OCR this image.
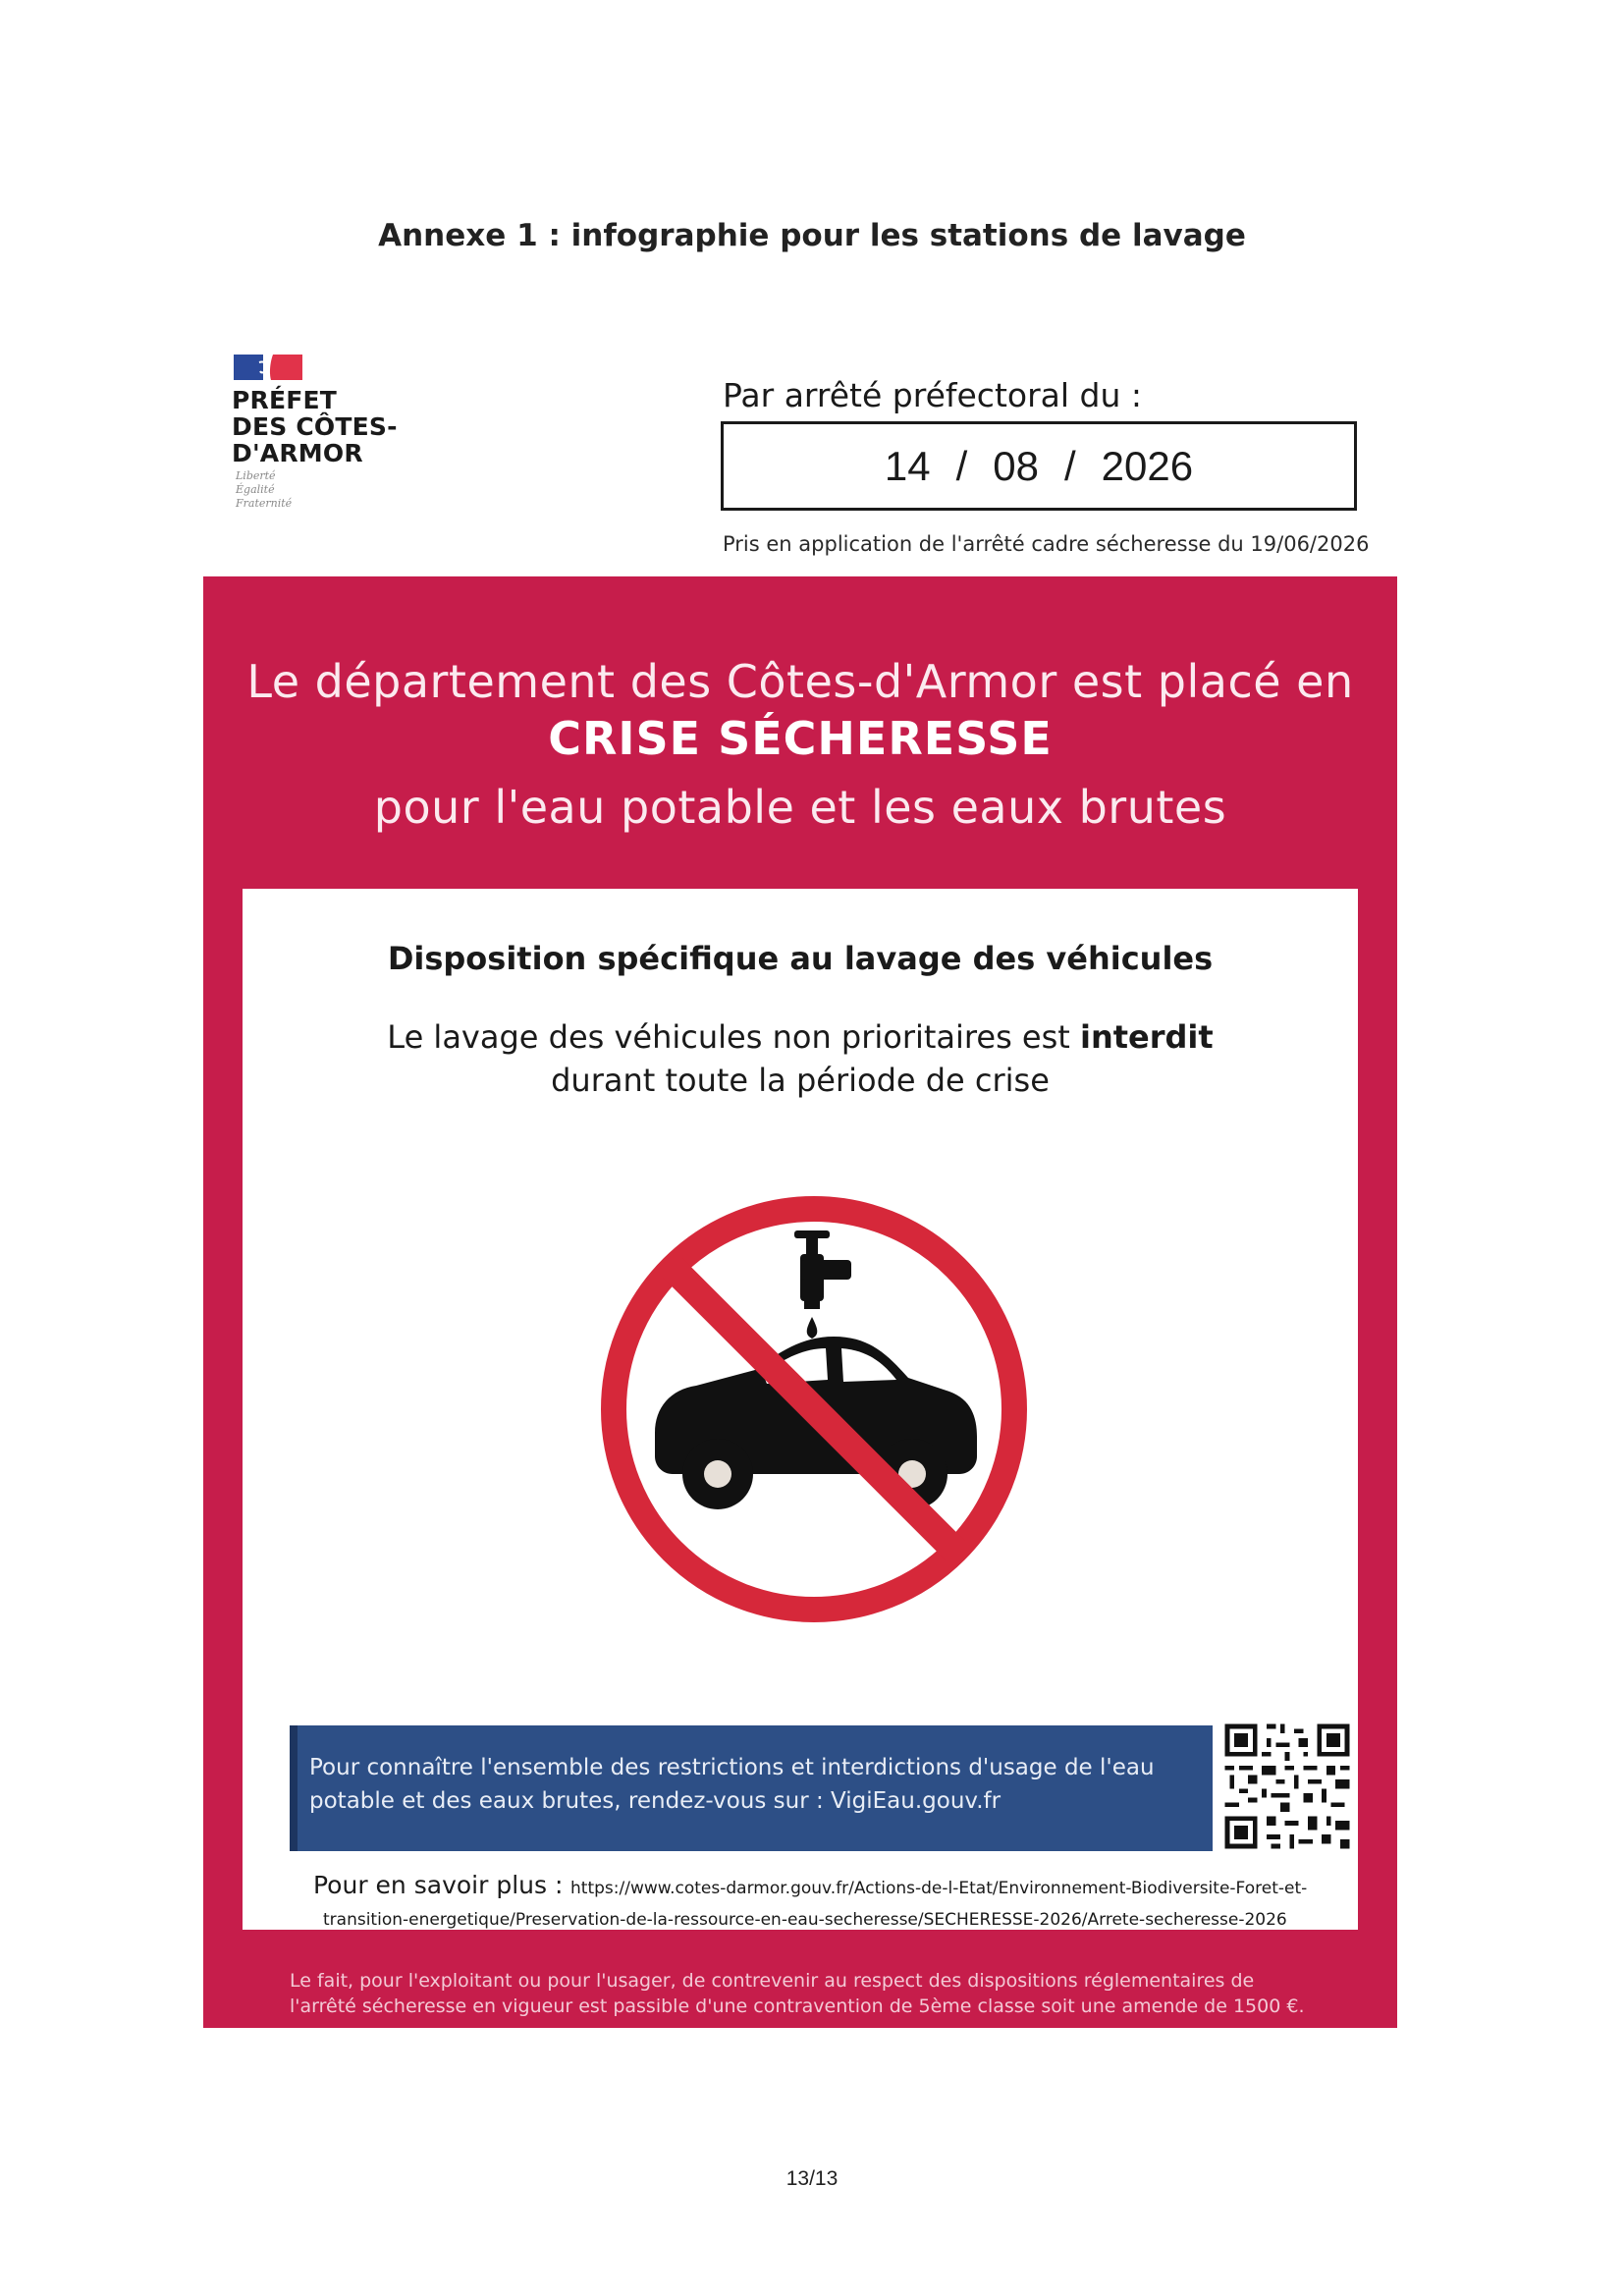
Annexe 1 : infographie pour les stations de lavage
PRÉFET
DES CÔTES-
D'ARMOR
Liberté
Égalité
Fraternité
Par arrêté préfectoral du :
14 / 08 / 2026
Pris en application de l'arrêté cadre sécheresse du 19/06/2026
Le département des Côtes-d'Armor est placé en
CRISE SÉCHERESSE
pour l'eau potable et les eaux brutes
Disposition spécifique au lavage des véhicules
Le lavage des véhicules non prioritaires est interdit
durant toute la période de crise
Pour connaître l'ensemble des restrictions et interdictions d'usage de l'eau
potable et des eaux brutes, rendez-vous sur : VigiEau.gouv.fr
Pour en savoir plus : https://www.cotes-darmor.gouv.fr/Actions-de-l-Etat/Environnement-Biodiversite-Foret-et-
transition-energetique/Preservation-de-la-ressource-en-eau-secheresse/SECHERESSE-2026/Arrete-secheresse-2026
Le fait, pour l'exploitant ou pour l'usager, de contrevenir au respect des dispositions réglementaires de
l'arrêté sécheresse en vigueur est passible d'une contravention de 5ème classe soit une amende de 1500 €.
13/13
